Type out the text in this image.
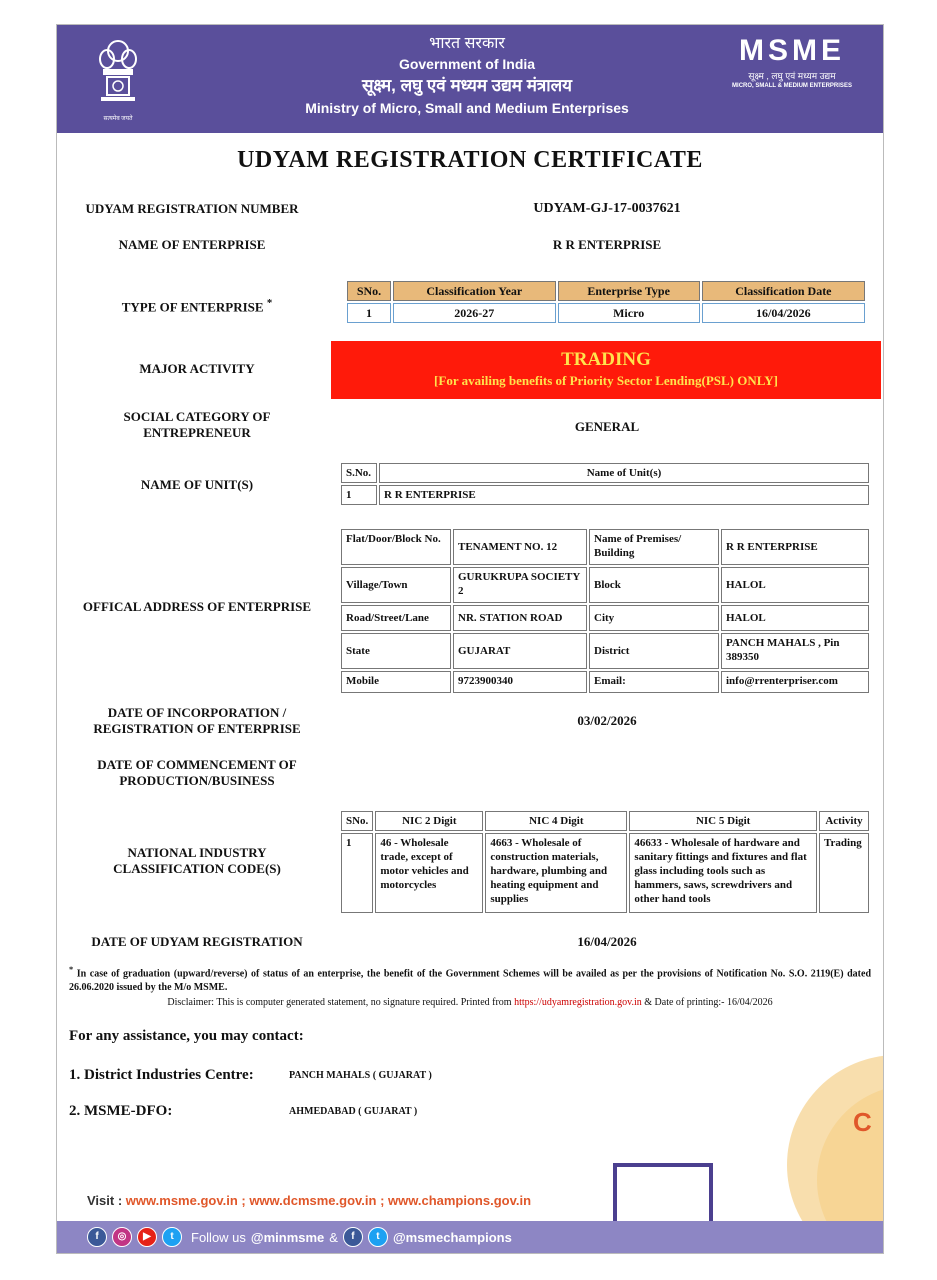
सत्यमेव जयते
भारत सरकार
Government of India
सूक्ष्म, लघु एवं मध्यम उद्यम मंत्रालय
Ministry of Micro, Small and Medium Enterprises
MSME
सूक्ष्म , लघु एवं मध्यम उद्यम
MICRO, SMALL & MEDIUM ENTERPRISES
UDYAM REGISTRATION CERTIFICATE
UDYAM REGISTRATION NUMBER	UDYAM-GJ-17-0037621
NAME OF ENTERPRISE	R R ENTERPRISE
TYPE OF ENTERPRISE *
SNo.	Classification Year	Enterprise Type	Classification Date
1	2026-27	Micro	16/04/2026
MAJOR ACTIVITY	TRADING
[For availing benefits of Priority Sector Lending(PSL) ONLY]
SOCIAL CATEGORY OF
ENTREPRENEUR	GENERAL
NAME OF UNIT(S)
S.No.	Name of Unit(s)
1	R R ENTERPRISE
OFFICAL ADDRESS OF ENTERPRISE
Flat/Door/Block No.	TENAMENT NO. 12	Name of Premises/ Building	R R ENTERPRISE
Village/Town	GURUKRUPA SOCIETY 2	Block	HALOL
Road/Street/Lane	NR. STATION ROAD	City	HALOL
State	GUJARAT	District	PANCH MAHALS , Pin 389350
Mobile	9723900340	Email:	info@rrenterpriser.com
DATE OF INCORPORATION /
REGISTRATION OF ENTERPRISE
03/02/2026
DATE OF COMMENCEMENT OF
PRODUCTION/BUSINESS
NATIONAL INDUSTRY
CLASSIFICATION CODE(S)
SNo.	NIC 2 Digit	NIC 4 Digit	NIC 5 Digit	Activity
1	46 - Wholesale trade, except of motor vehicles and motorcycles	4663 - Wholesale of construction materials, hardware, plumbing and heating equipment and supplies	46633 - Wholesale of hardware and sanitary fittings and fixtures and flat glass including tools such as hammers, saws, screwdrivers and other hand tools	Trading
DATE OF UDYAM REGISTRATION	16/04/2026
* In case of graduation (upward/reverse) of status of an enterprise, the benefit of the Government Schemes will be availed as per the provisions of Notification No. S.O. 2119(E) dated 26.06.2020 issued by the M/o MSME.
Disclaimer: This is computer generated statement, no signature required. Printed from https://udyamregistration.gov.in & Date of printing:- 16/04/2026
For any assistance, you may contact:
1. District Industries Centre:	PANCH MAHALS ( GUJARAT )
2. MSME-DFO:	AHMEDABAD ( GUJARAT )	C
Visit : www.msme.gov.in ; www.dcmsme.gov.in ; www.champions.gov.in
f	◎	▶	t	Follow us @minmsme &	f	t	@msmechampions
